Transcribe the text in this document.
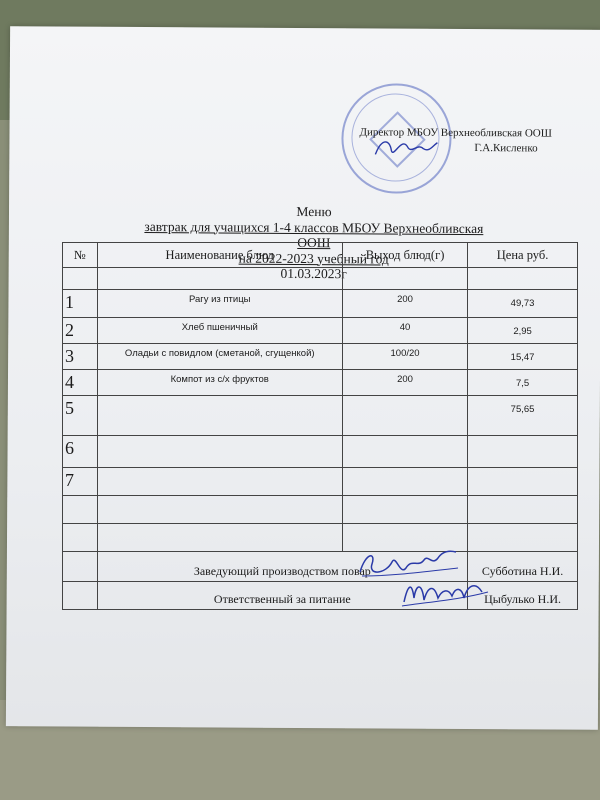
Директор МБОУ Верхнеобливская ООШ
Г.А.Кисленко
Меню
завтрак для учащихся 1-4 классов МБОУ Верхнеобливская ООШ
на 2022-2023 учебный год
01.03.2023г
№	Наименование блюд	Выход блюд(г)	Цена руб.

1	Рагу из птицы	200	49,73

2	Хлеб пшеничный	40	2,95

3	Оладьи с повидлом (сметаной, сгущенкой)	100/20	15,47

4	Компот из с/х фруктов	200	7,5

5			75,65

6	

7	

	Заведующий производством повар		Субботина Н.И.
	Ответственный за питание		Цыбулько Н.И.
